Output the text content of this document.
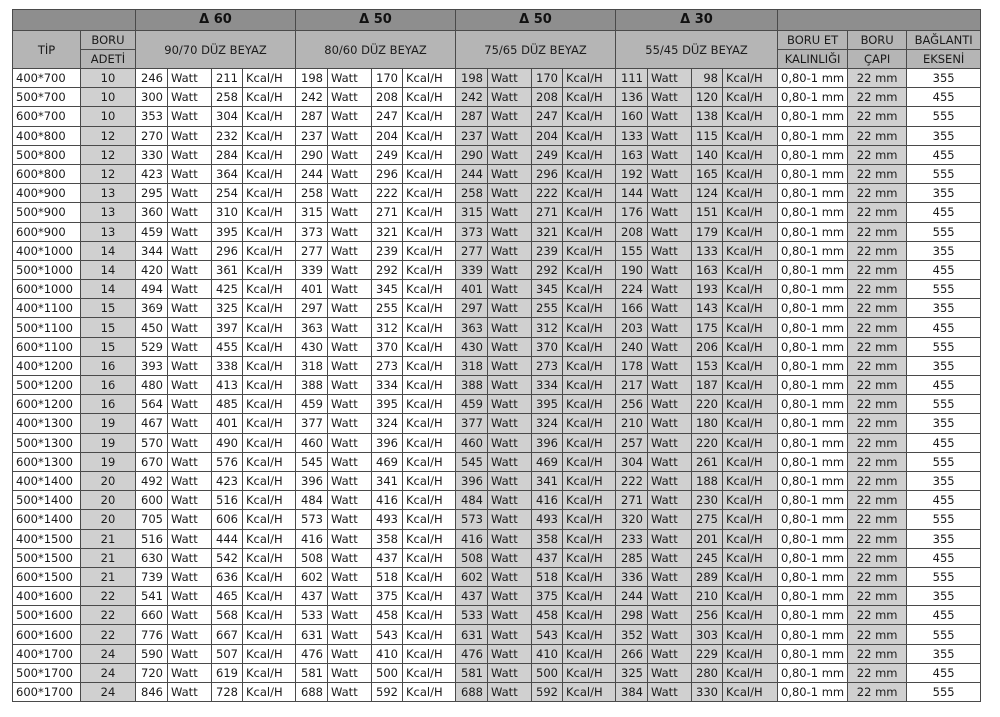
		Δ 60				Δ 50				Δ 50				Δ 30						
TİP	BORU	90/70 DÜZ BEYAZ				80/60 DÜZ BEYAZ				75/65 DÜZ BEYAZ				55/45 DÜZ BEYAZ				BORU ET	BORU	BAĞLANTI
	ADETİ																	KALINLIĞI	ÇAPI	EKSENİ
400*700	10	246	Watt	211	Kcal/H	198	Watt	170	Kcal/H	198	Watt	170	Kcal/H	111	Watt	98	Kcal/H	0,80-1 mm	22 mm	355
500*700	10	300	Watt	258	Kcal/H	242	Watt	208	Kcal/H	242	Watt	208	Kcal/H	136	Watt	120	Kcal/H	0,80-1 mm	22 mm	455
600*700	10	353	Watt	304	Kcal/H	287	Watt	247	Kcal/H	287	Watt	247	Kcal/H	160	Watt	138	Kcal/H	0,80-1 mm	22 mm	555
400*800	12	270	Watt	232	Kcal/H	237	Watt	204	Kcal/H	237	Watt	204	Kcal/H	133	Watt	115	Kcal/H	0,80-1 mm	22 mm	355
500*800	12	330	Watt	284	Kcal/H	290	Watt	249	Kcal/H	290	Watt	249	Kcal/H	163	Watt	140	Kcal/H	0,80-1 mm	22 mm	455
600*800	12	423	Watt	364	Kcal/H	244	Watt	296	Kcal/H	244	Watt	296	Kcal/H	192	Watt	165	Kcal/H	0,80-1 mm	22 mm	555
400*900	13	295	Watt	254	Kcal/H	258	Watt	222	Kcal/H	258	Watt	222	Kcal/H	144	Watt	124	Kcal/H	0,80-1 mm	22 mm	355
500*900	13	360	Watt	310	Kcal/H	315	Watt	271	Kcal/H	315	Watt	271	Kcal/H	176	Watt	151	Kcal/H	0,80-1 mm	22 mm	455
600*900	13	459	Watt	395	Kcal/H	373	Watt	321	Kcal/H	373	Watt	321	Kcal/H	208	Watt	179	Kcal/H	0,80-1 mm	22 mm	555
400*1000	14	344	Watt	296	Kcal/H	277	Watt	239	Kcal/H	277	Watt	239	Kcal/H	155	Watt	133	Kcal/H	0,80-1 mm	22 mm	355
500*1000	14	420	Watt	361	Kcal/H	339	Watt	292	Kcal/H	339	Watt	292	Kcal/H	190	Watt	163	Kcal/H	0,80-1 mm	22 mm	455
600*1000	14	494	Watt	425	Kcal/H	401	Watt	345	Kcal/H	401	Watt	345	Kcal/H	224	Watt	193	Kcal/H	0,80-1 mm	22 mm	555
400*1100	15	369	Watt	325	Kcal/H	297	Watt	255	Kcal/H	297	Watt	255	Kcal/H	166	Watt	143	Kcal/H	0,80-1 mm	22 mm	355
500*1100	15	450	Watt	397	Kcal/H	363	Watt	312	Kcal/H	363	Watt	312	Kcal/H	203	Watt	175	Kcal/H	0,80-1 mm	22 mm	455
600*1100	15	529	Watt	455	Kcal/H	430	Watt	370	Kcal/H	430	Watt	370	Kcal/H	240	Watt	206	Kcal/H	0,80-1 mm	22 mm	555
400*1200	16	393	Watt	338	Kcal/H	318	Watt	273	Kcal/H	318	Watt	273	Kcal/H	178	Watt	153	Kcal/H	0,80-1 mm	22 mm	355
500*1200	16	480	Watt	413	Kcal/H	388	Watt	334	Kcal/H	388	Watt	334	Kcal/H	217	Watt	187	Kcal/H	0,80-1 mm	22 mm	455
600*1200	16	564	Watt	485	Kcal/H	459	Watt	395	Kcal/H	459	Watt	395	Kcal/H	256	Watt	220	Kcal/H	0,80-1 mm	22 mm	555
400*1300	19	467	Watt	401	Kcal/H	377	Watt	324	Kcal/H	377	Watt	324	Kcal/H	210	Watt	180	Kcal/H	0,80-1 mm	22 mm	355
500*1300	19	570	Watt	490	Kcal/H	460	Watt	396	Kcal/H	460	Watt	396	Kcal/H	257	Watt	220	Kcal/H	0,80-1 mm	22 mm	455
600*1300	19	670	Watt	576	Kcal/H	545	Watt	469	Kcal/H	545	Watt	469	Kcal/H	304	Watt	261	Kcal/H	0,80-1 mm	22 mm	555
400*1400	20	492	Watt	423	Kcal/H	396	Watt	341	Kcal/H	396	Watt	341	Kcal/H	222	Watt	188	Kcal/H	0,80-1 mm	22 mm	355
500*1400	20	600	Watt	516	Kcal/H	484	Watt	416	Kcal/H	484	Watt	416	Kcal/H	271	Watt	230	Kcal/H	0,80-1 mm	22 mm	455
600*1400	20	705	Watt	606	Kcal/H	573	Watt	493	Kcal/H	573	Watt	493	Kcal/H	320	Watt	275	Kcal/H	0,80-1 mm	22 mm	555
400*1500	21	516	Watt	444	Kcal/H	416	Watt	358	Kcal/H	416	Watt	358	Kcal/H	233	Watt	201	Kcal/H	0,80-1 mm	22 mm	355
500*1500	21	630	Watt	542	Kcal/H	508	Watt	437	Kcal/H	508	Watt	437	Kcal/H	285	Watt	245	Kcal/H	0,80-1 mm	22 mm	455
600*1500	21	739	Watt	636	Kcal/H	602	Watt	518	Kcal/H	602	Watt	518	Kcal/H	336	Watt	289	Kcal/H	0,80-1 mm	22 mm	555
400*1600	22	541	Watt	465	Kcal/H	437	Watt	375	Kcal/H	437	Watt	375	Kcal/H	244	Watt	210	Kcal/H	0,80-1 mm	22 mm	355
500*1600	22	660	Watt	568	Kcal/H	533	Watt	458	Kcal/H	533	Watt	458	Kcal/H	298	Watt	256	Kcal/H	0,80-1 mm	22 mm	455
600*1600	22	776	Watt	667	Kcal/H	631	Watt	543	Kcal/H	631	Watt	543	Kcal/H	352	Watt	303	Kcal/H	0,80-1 mm	22 mm	555
400*1700	24	590	Watt	507	Kcal/H	476	Watt	410	Kcal/H	476	Watt	410	Kcal/H	266	Watt	229	Kcal/H	0,80-1 mm	22 mm	355
500*1700	24	720	Watt	619	Kcal/H	581	Watt	500	Kcal/H	581	Watt	500	Kcal/H	325	Watt	280	Kcal/H	0,80-1 mm	22 mm	455
600*1700	24	846	Watt	728	Kcal/H	688	Watt	592	Kcal/H	688	Watt	592	Kcal/H	384	Watt	330	Kcal/H	0,80-1 mm	22 mm	555
